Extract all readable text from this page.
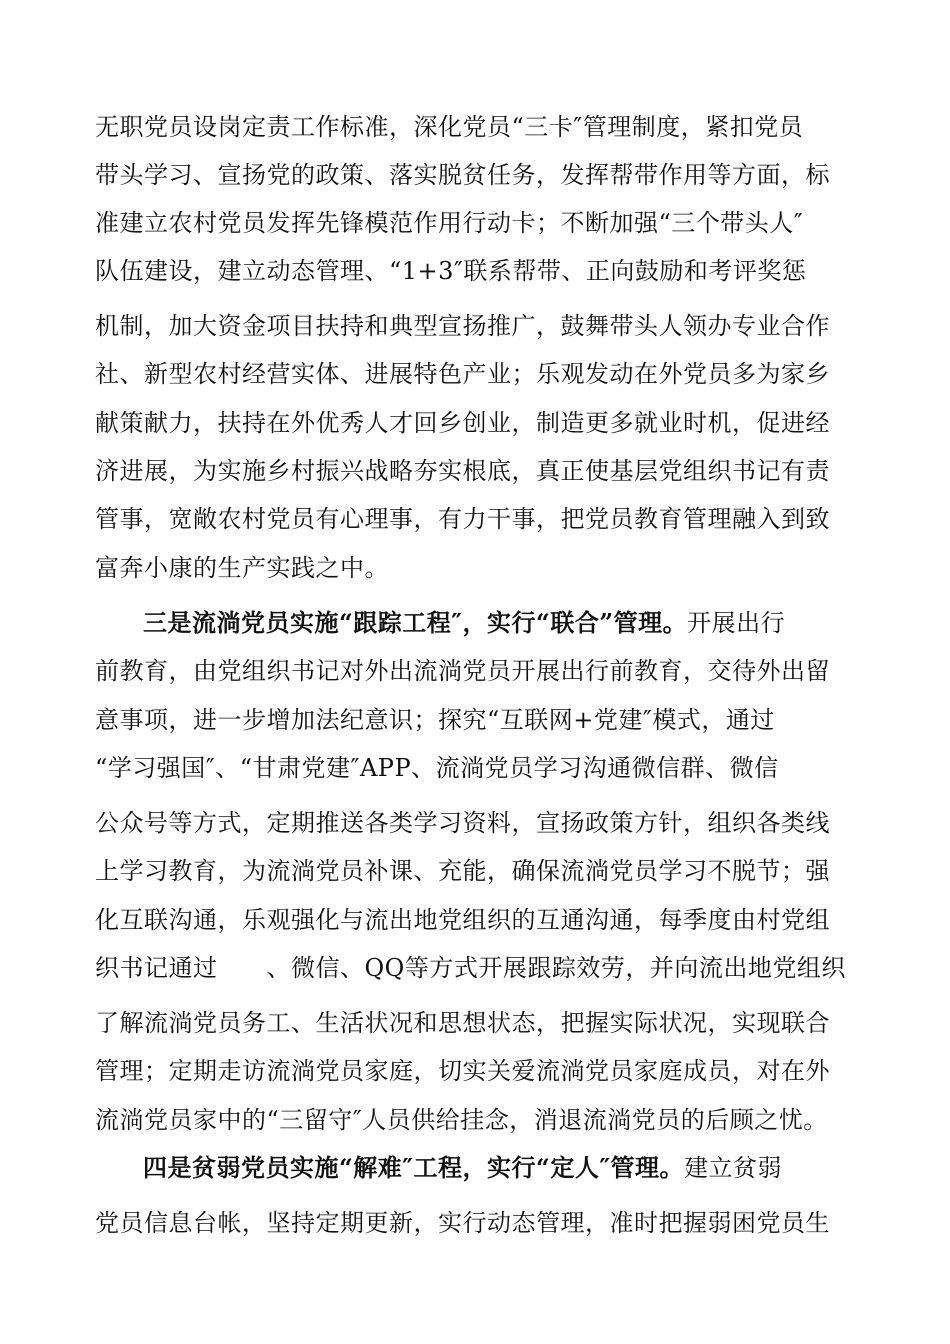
无职党员设岗定责工作标准，深化党员“三卡″管理制度，紧扣党员
带头学习、宣扬党的政策、落实脱贫任务，发挥帮带作用等方面，标
准建立农村党员发挥先锋模范作用行动卡；不断加强“三个带头人″
队伍建设，建立动态管理、“1+3″联系帮带、正向鼓励和考评奖惩
机制，加大资金项目扶持和典型宣扬推广，鼓舞带头人领办专业合作
社、新型农村经营实体、进展特色产业；乐观发动在外党员多为家乡
献策献力，扶持在外优秀人才回乡创业，制造更多就业时机，促进经
济进展，为实施乡村振兴战略夯实根底，真正使基层党组织书记有责
管事，宽敞农村党员有心理事，有力干事，把党员教育管理融入到致
富奔小康的生产实践之中。
三是流淌党员实施“跟踪工程″，实行“联合”管理。开展出行
前教育，由党组织书记对外出流淌党员开展出行前教育，交待外出留
意事项，进一步增加法纪意识；探究“互联网+党建″模式，通过
“学习强国″、“甘肃党建″APP、流淌党员学习沟通微信群、微信
公众号等方式，定期推送各类学习资料，宣扬政策方针，组织各类线
上学习教育，为流淌党员补课、充能，确保流淌党员学习不脱节；强
化互联沟通，乐观强化与流出地党组织的互通沟通，每季度由村党组
织书记通过　　、微信、QQ等方式开展跟踪效劳，并向流出地党组织
了解流淌党员务工、生活状况和思想状态，把握实际状况，实现联合
管理；定期走访流淌党员家庭，切实关爱流淌党员家庭成员，对在外
流淌党员家中的“三留守″人员供给挂念，消退流淌党员的后顾之忧。
四是贫弱党员实施“解难″工程，实行“定人″管理。建立贫弱
党员信息台帐，坚持定期更新，实行动态管理，准时把握弱困党员生
